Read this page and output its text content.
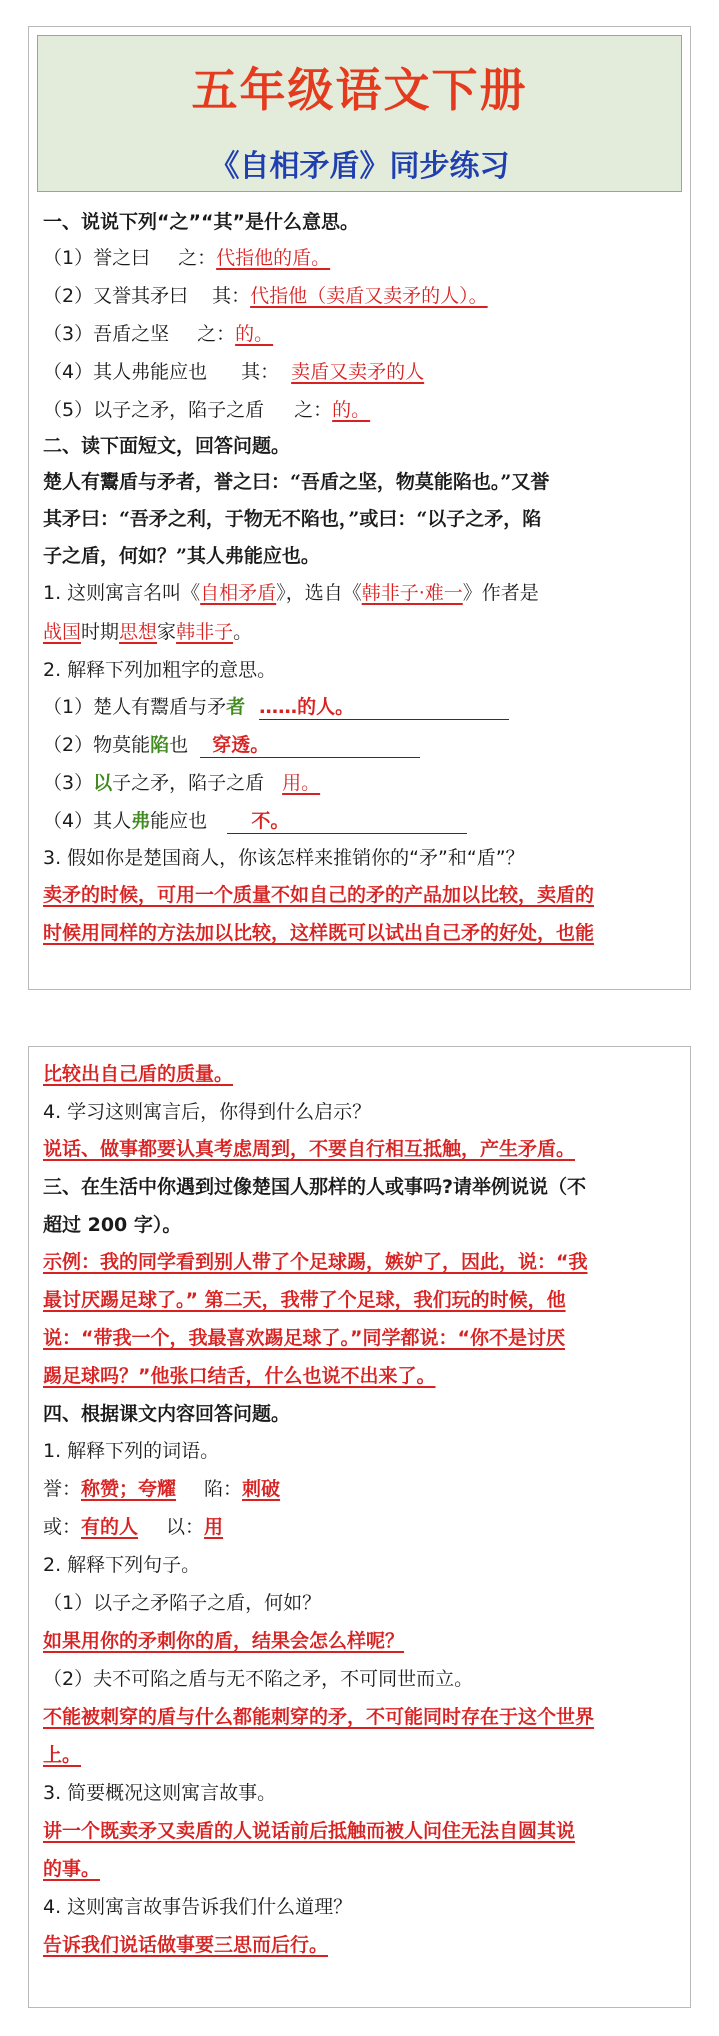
五年级语文下册
《自相矛盾》同步练习
一、说说下列“之”“其”是什么意思。
（1）誉之曰 之：代指他的盾。
（2）又誉其矛曰 其：代指他（卖盾又卖矛的人）。
（3）吾盾之坚 之：的。
（4）其人弗能应也 其： 卖盾又卖矛的人
（5）以子之矛，陷子之盾 之：的。
二、读下面短文，回答问题。
楚人有鬻盾与矛者，誉之曰：“吾盾之坚，物莫能陷也。”又誉
其矛曰：“吾矛之利，于物无不陷也，”或曰：“以子之矛，陷
子之盾，何如？”其人弗能应也。
1. 这则寓言名叫《自相矛盾》，选自《韩非子·难一》作者是
战国时期思想家韩非子。
2. 解释下列加粗字的意思。
（1）楚人有鬻盾与矛者 ……的人。
（2）物莫能陷也 穿透。
（3）以子之矛，陷子之盾 用。
（4）其人弗能应也 不。
3. 假如你是楚国商人，你该怎样来推销你的“矛”和“盾”？
卖矛的时候，可用一个质量不如自己的矛的产品加以比较，卖盾的
时候用同样的方法加以比较，这样既可以试出自己矛的好处，也能
比较出自己盾的质量。
4. 学习这则寓言后，你得到什么启示？
说话、做事都要认真考虑周到，不要自行相互抵触，产生矛盾。
三、在生活中你遇到过像楚国人那样的人或事吗?请举例说说（不
超过 200 字）。
示例：我的同学看到别人带了个足球踢，嫉妒了，因此，说：“我
最讨厌踢足球了。” 第二天，我带了个足球，我们玩的时候，他
说：“带我一个，我最喜欢踢足球了。”同学都说：“你不是讨厌
踢足球吗？”他张口结舌，什么也说不出来了。
四、根据课文内容回答问题。
1. 解释下列的词语。
誉：称赞；夸耀 陷：刺破
或：有的人 以：用
2. 解释下列句子。
（1）以子之矛陷子之盾，何如？
如果用你的矛刺你的盾，结果会怎么样呢？
（2）夫不可陷之盾与无不陷之矛，不可同世而立。
不能被刺穿的盾与什么都能刺穿的矛，不可能同时存在于这个世界
上。
3. 简要概况这则寓言故事。
讲一个既卖矛又卖盾的人说话前后抵触而被人问住无法自圆其说
的事。
4. 这则寓言故事告诉我们什么道理？
告诉我们说话做事要三思而后行。
